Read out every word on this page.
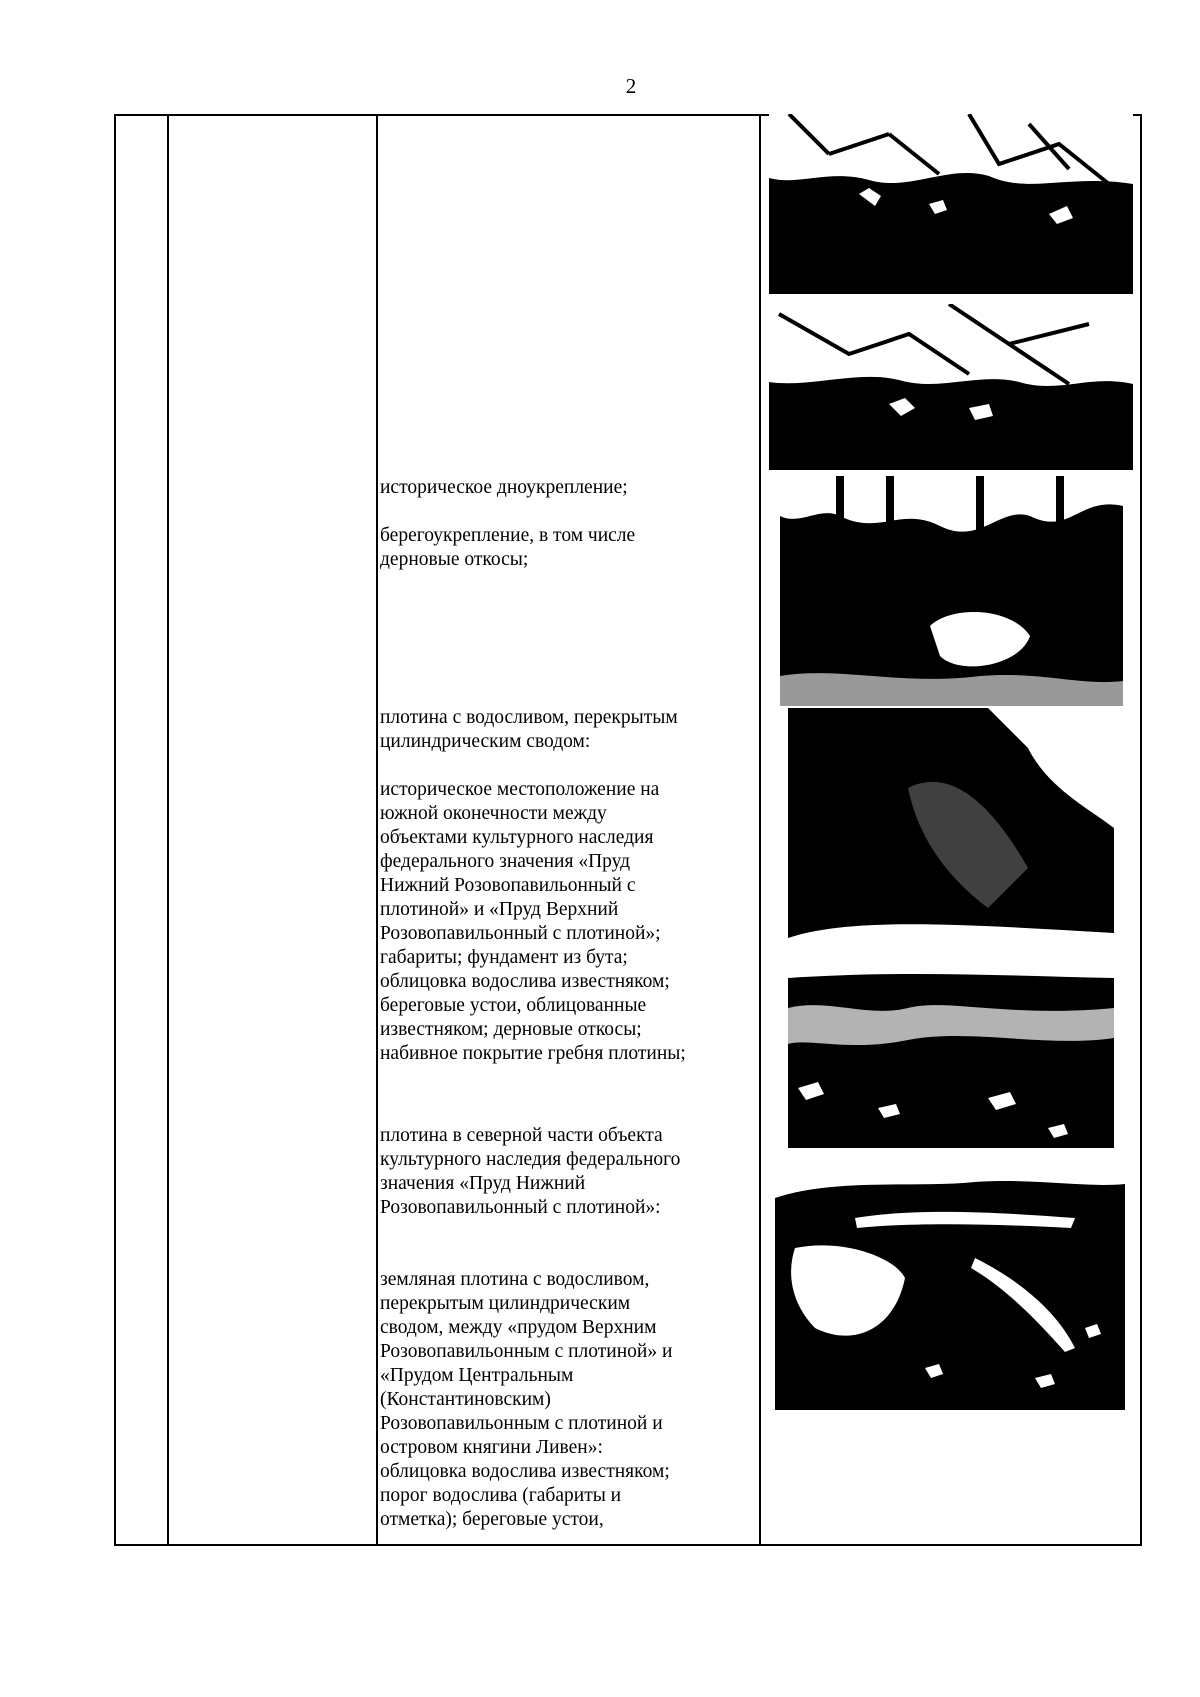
2
историческое дноукрепление;
берегоукрепление, в том числе
дерновые откосы;
плотина с водосливом, перекрытым
цилиндрическим сводом:
историческое местоположение на
южной оконечности между
объектами культурного наследия
федерального значения «Пруд
Нижний Розовопавильонный с
плотиной» и «Пруд Верхний
Розовопавильонный с плотиной»;
габариты; фундамент из бута;
облицовка водослива известняком;
береговые устои, облицованные
известняком; дерновые откосы;
набивное покрытие гребня плотины;
плотина в северной части объекта
культурного наследия федерального
значения «Пруд Нижний
Розовопавильонный с плотиной»:
земляная плотина с водосливом,
перекрытым цилиндрическим
сводом, между «прудом Верхним
Розовопавильонным с плотиной» и
«Прудом Центральным
(Константиновским)
Розовопавильонным с плотиной и
островом княгини Ливен»:
облицовка водослива известняком;
порог водослива (габариты и
отметка); береговые устои,
